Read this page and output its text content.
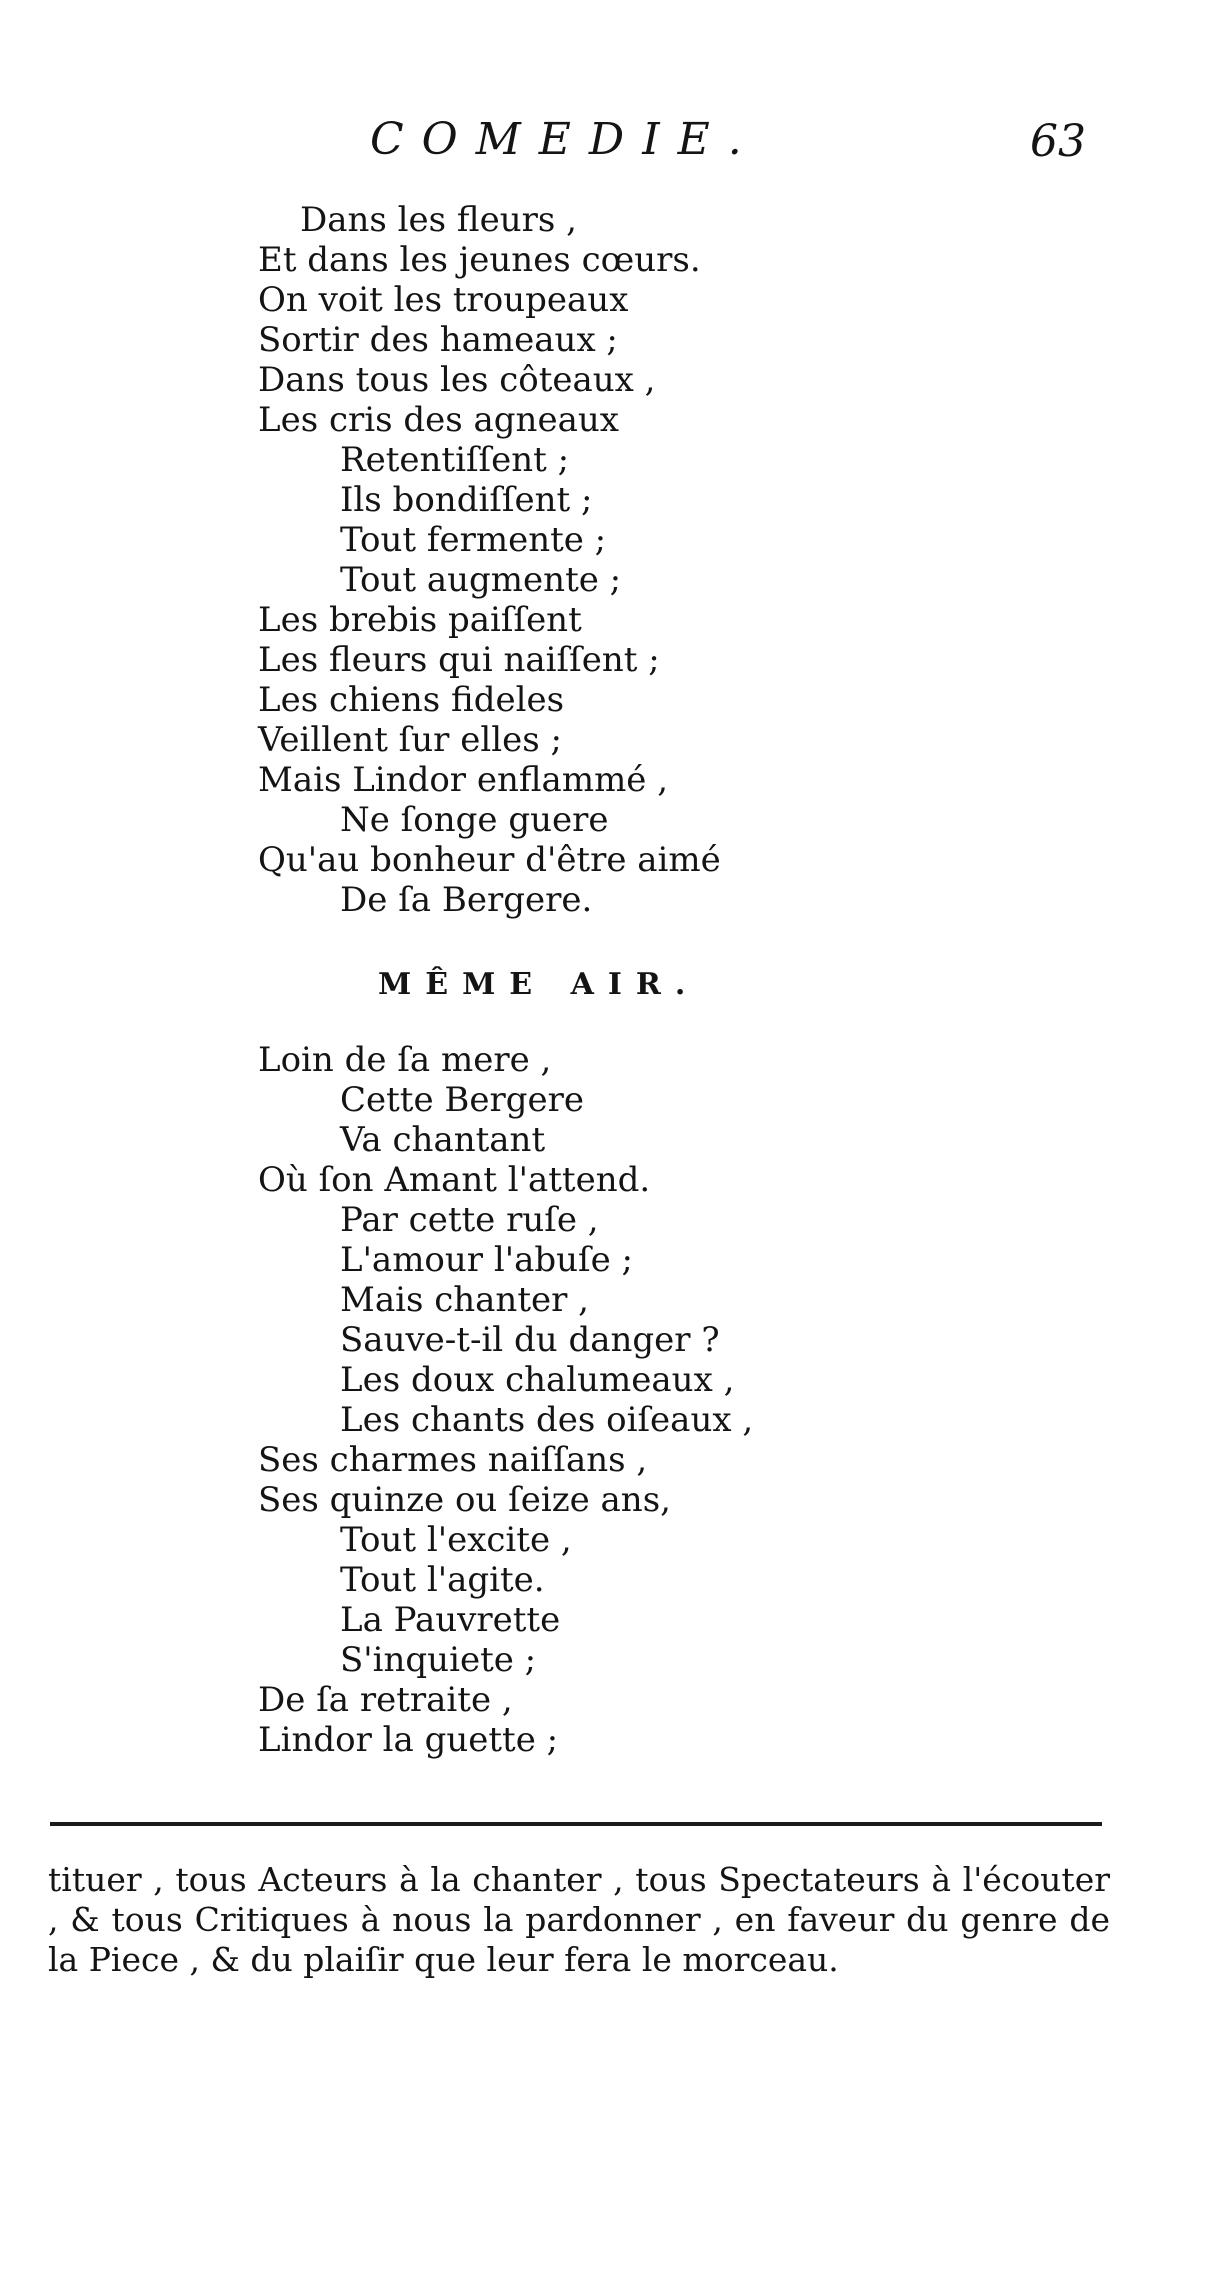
COMEDIE.	63
Dans les fleurs ,
Et dans les jeunes cœurs.
On voit les troupeaux
Sortir des hameaux ;
Dans tous les côteaux ,
Les cris des agneaux
Retentiſſent ;
Ils bondiſſent ;
Tout fermente ;
Tout augmente ;
Les brebis paiſſent
Les fleurs qui naiſſent ;
Les chiens fideles
Veillent ſur elles ;
Mais Lindor enflammé ,
Ne ſonge guere
Qu'au bonheur d'être aimé
De ſa Bergere.
MÊME AIR.
Loin de ſa mere ,
Cette Bergere
Va chantant
Où ſon Amant l'attend.
Par cette ruſe ,
L'amour l'abuſe ;
Mais chanter ,
Sauve-t-il du danger ?
Les doux chalumeaux ,
Les chants des oiſeaux ,
Ses charmes naiſſans ,
Ses quinze ou ſeize ans,
Tout l'excite ,
Tout l'agite.
La Pauvrette
S'inquiete ;
De ſa retraite ,
Lindor la guette ;

tituer , tous Acteurs à la chanter , tous Spectateurs à l'écouter , & tous Critiques à nous la pardonner , en faveur du genre de la Piece , & du plaiſir que leur fera le morceau.
